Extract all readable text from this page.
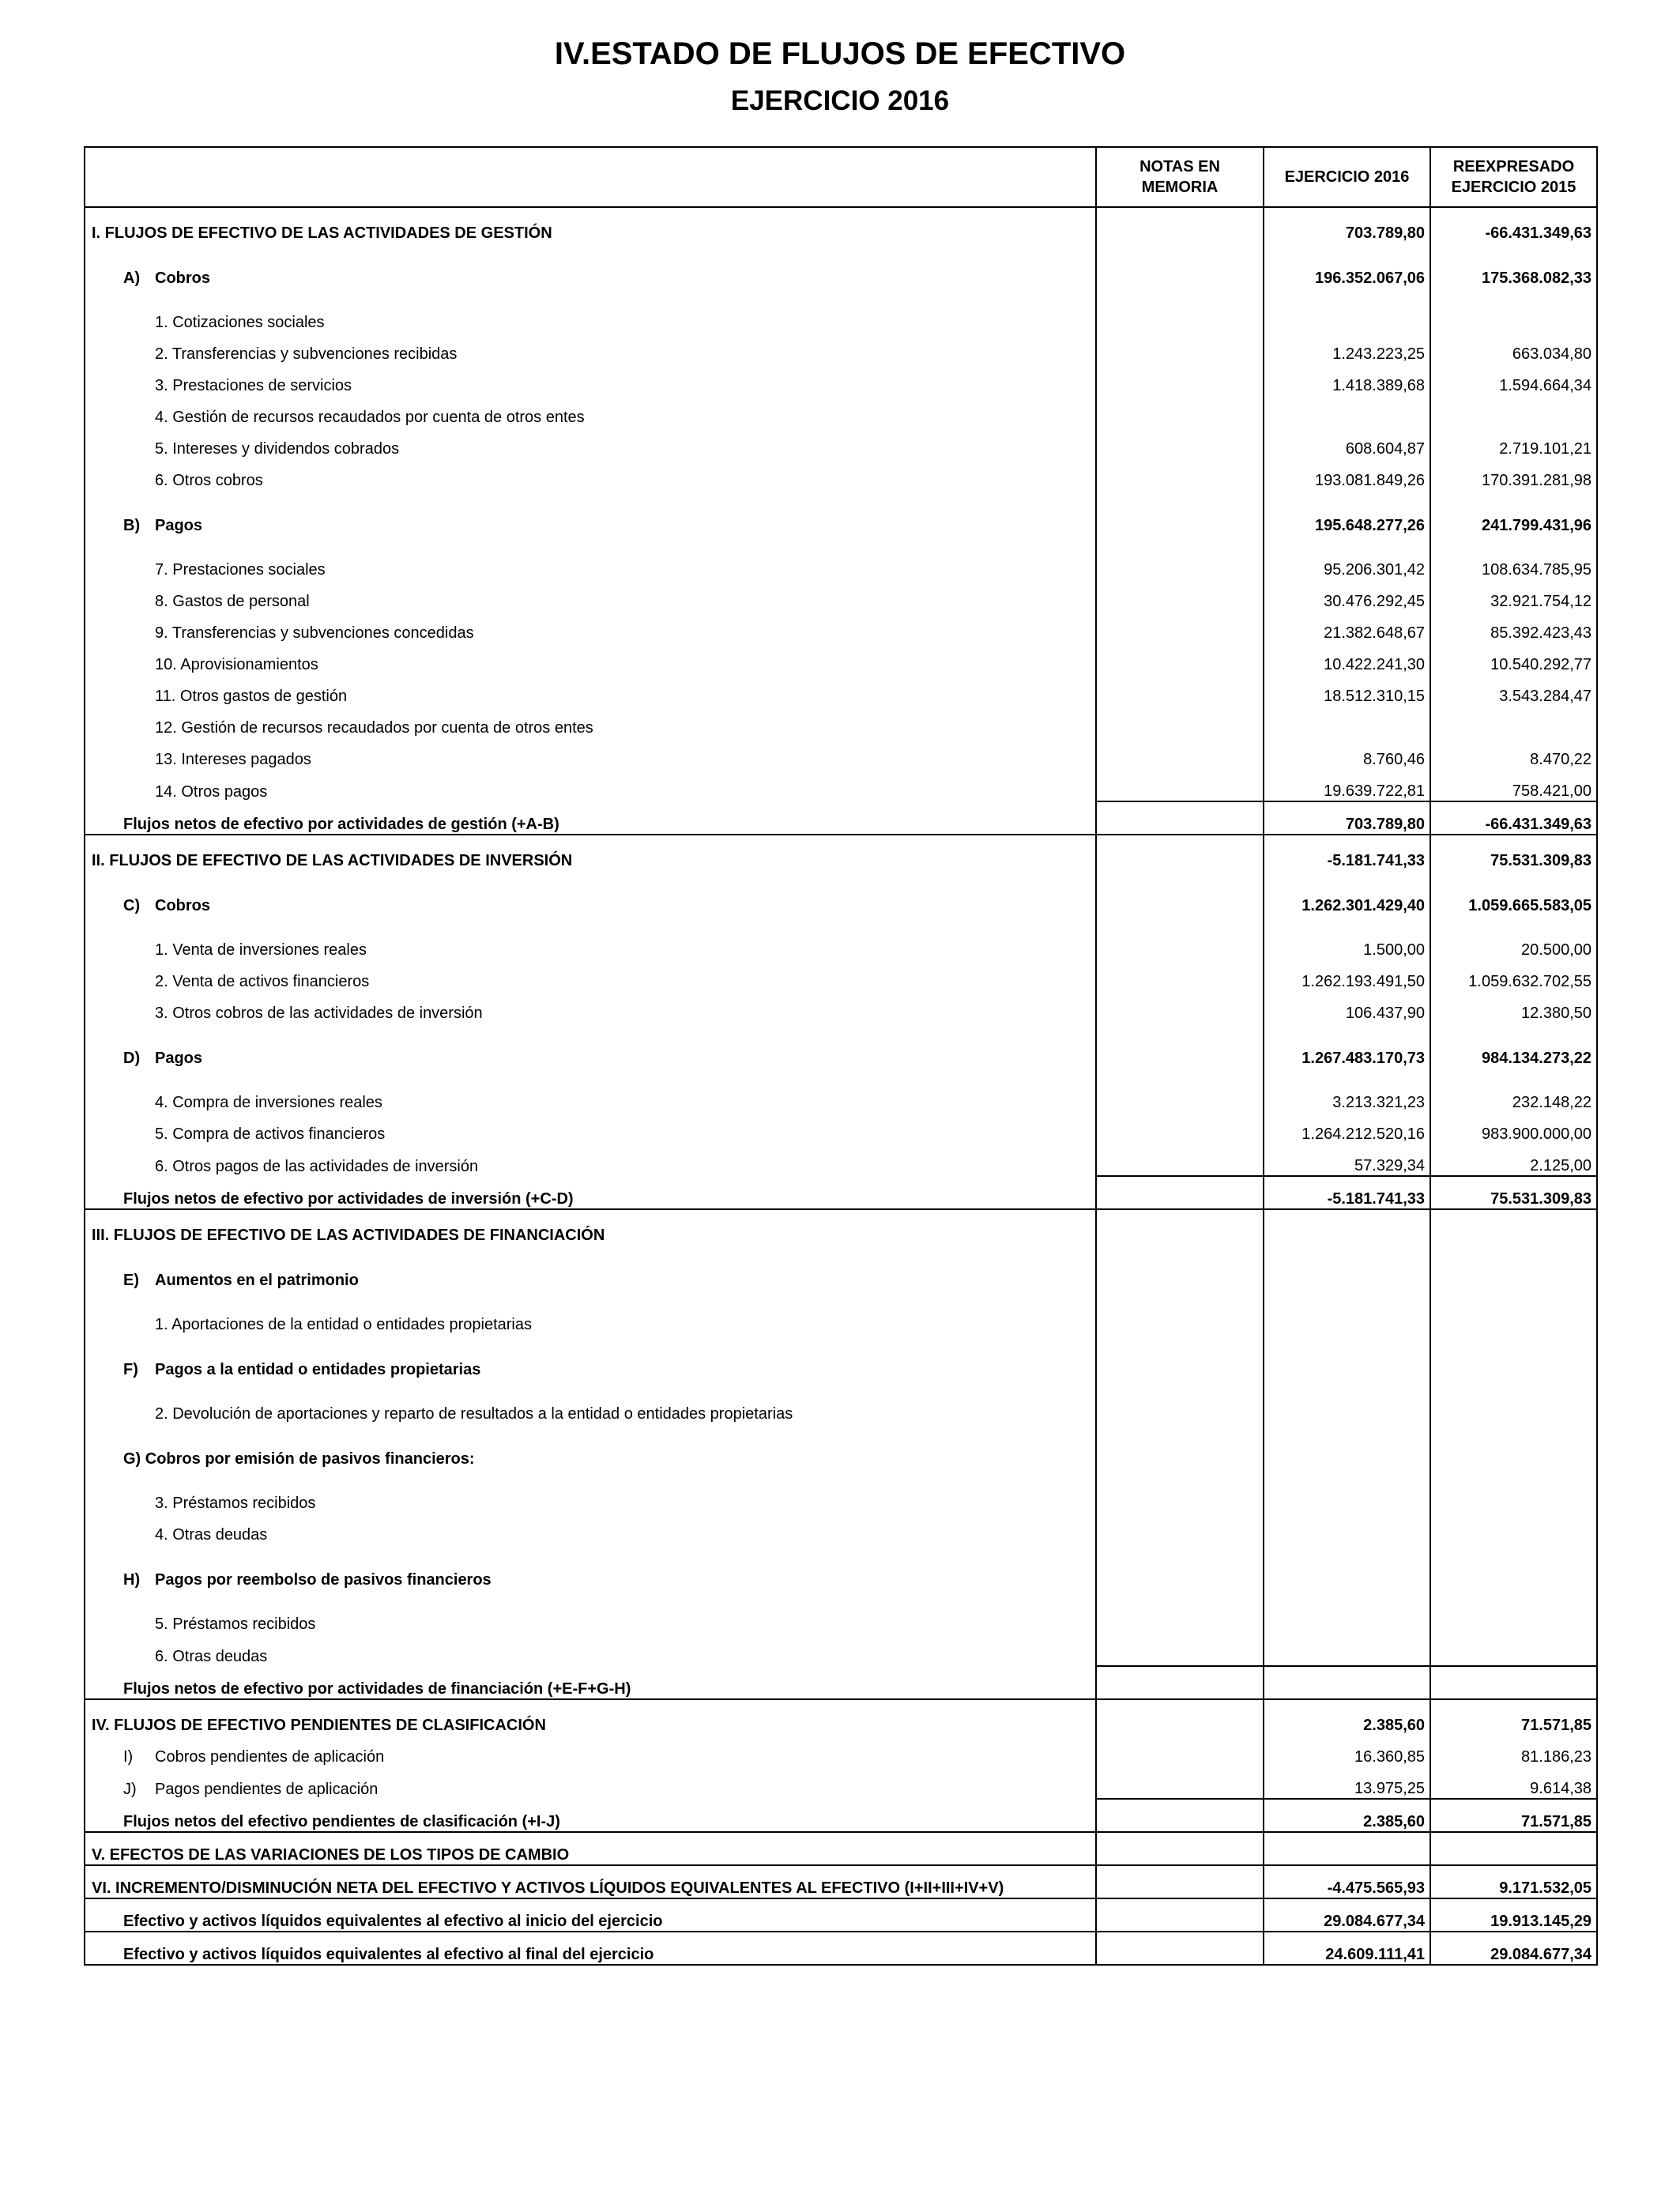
IV.ESTADO DE FLUJOS DE EFECTIVO
EJERCICIO 2016
	NOTAS EN MEMORIA	EJERCICIO 2016	REEXPRESADO EJERCICIO 2015
I. FLUJOS DE EFECTIVO DE LAS ACTIVIDADES DE GESTIÓN		703.789,80	-66.431.349,63
A) Cobros		196.352.067,06	175.368.082,33
1. Cotizaciones sociales			
2. Transferencias y subvenciones recibidas		1.243.223,25	663.034,80
3. Prestaciones de servicios		1.418.389,68	1.594.664,34
4. Gestión de recursos recaudados por cuenta de otros entes			
5. Intereses y dividendos cobrados		608.604,87	2.719.101,21
6. Otros cobros		193.081.849,26	170.391.281,98
B) Pagos		195.648.277,26	241.799.431,96
7. Prestaciones sociales		95.206.301,42	108.634.785,95
8. Gastos de personal		30.476.292,45	32.921.754,12
9. Transferencias y subvenciones concedidas		21.382.648,67	85.392.423,43
10. Aprovisionamientos		10.422.241,30	10.540.292,77
11. Otros gastos de gestión		18.512.310,15	3.543.284,47
12. Gestión de recursos recaudados por cuenta de otros entes			
13. Intereses pagados		8.760,46	8.470,22
14. Otros pagos		19.639.722,81	758.421,00
Flujos netos de efectivo por actividades de gestión (+A-B)		703.789,80	-66.431.349,63
II. FLUJOS DE EFECTIVO DE LAS ACTIVIDADES DE INVERSIÓN		-5.181.741,33	75.531.309,83
C) Cobros		1.262.301.429,40	1.059.665.583,05
1. Venta de inversiones reales		1.500,00	20.500,00
2. Venta de activos financieros		1.262.193.491,50	1.059.632.702,55
3. Otros cobros de las actividades de inversión		106.437,90	12.380,50
D) Pagos		1.267.483.170,73	984.134.273,22
4. Compra de inversiones reales		3.213.321,23	232.148,22
5. Compra de activos financieros		1.264.212.520,16	983.900.000,00
6. Otros pagos de las actividades de inversión		57.329,34	2.125,00
Flujos netos de efectivo por actividades de inversión (+C-D)		-5.181.741,33	75.531.309,83
III. FLUJOS DE EFECTIVO DE LAS ACTIVIDADES DE FINANCIACIÓN			
E) Aumentos en el patrimonio			
1. Aportaciones de la entidad o entidades propietarias			
F) Pagos a la entidad o entidades propietarias			
2. Devolución de aportaciones y reparto de resultados a la entidad o entidades propietarias			
G) Cobros por emisión de pasivos financieros:			
3. Préstamos recibidos			
4. Otras deudas			
H) Pagos por reembolso de pasivos financieros			
5. Préstamos recibidos			
6. Otras deudas			
Flujos netos de efectivo por actividades de financiación (+E-F+G-H)			
IV. FLUJOS DE EFECTIVO PENDIENTES DE CLASIFICACIÓN		2.385,60	71.571,85
I) Cobros pendientes de aplicación		16.360,85	81.186,23
J) Pagos pendientes de aplicación		13.975,25	9.614,38
Flujos netos del efectivo pendientes de clasificación (+I-J)		2.385,60	71.571,85
V. EFECTOS DE LAS VARIACIONES DE LOS TIPOS DE CAMBIO			
VI. INCREMENTO/DISMINUCIÓN NETA DEL EFECTIVO Y ACTIVOS LÍQUIDOS EQUIVALENTES AL EFECTIVO (I+II+III+IV+V)		-4.475.565,93	9.171.532,05
Efectivo y activos líquidos equivalentes al efectivo al inicio del ejercicio		29.084.677,34	19.913.145,29
Efectivo y activos líquidos equivalentes al efectivo al final del ejercicio		24.609.111,41	29.084.677,34
